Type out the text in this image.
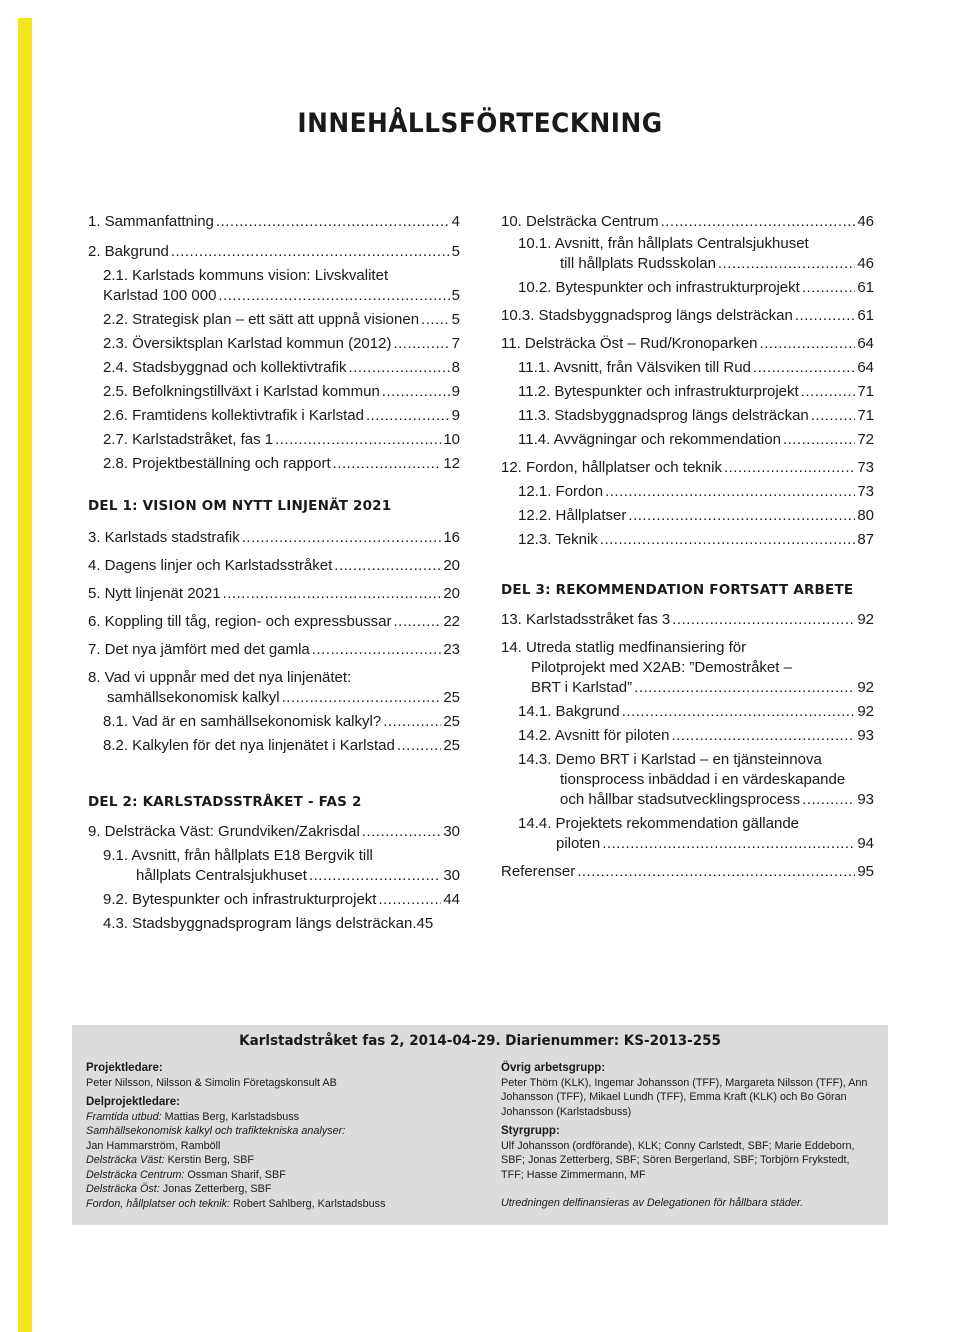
INNEHÅLLSFÖRTECKNING
1. Sammanfattning .....	4
2. Bakgrund .....	5
2.1. Karlstads kommuns vision: Livskvalitet
Karlstad 100 000 .....	5
2.2. Strategisk plan – ett sätt att uppnå visionen ..... 5
2.3. Översiktsplan Karlstad kommun (2012) .....	7
2.4. Stadsbyggnad och kollektivtrafik .....	8
2.5. Befolkningstillväxt i Karlstad kommun .....	9
2.6. Framtidens kollektivtrafik i Karlstad .....	9
2.7. Karlstadstråket, fas 1 .....	10
2.8. Projektbeställning och rapport .....	12
DEL 1: VISION OM NYTT LINJENÄT 2021
3. Karlstads stadstrafik .....	16
4. Dagens linjer och Karlstadsstråket .....	20
5. Nytt linjenät 2021 .....	20
6. Koppling till tåg, region- och expressbussar .....	22
7. Det nya jämfört med det gamla .....	23
8. Vad vi uppnår med det nya linjenätet:
samhällsekonomisk kalkyl .....	25
8.1. Vad är en samhällsekonomisk kalkyl? .....	25
8.2. Kalkylen för det nya linjenätet i Karlstad .....	25
DEL 2: KARLSTADSSTRÅKET - FAS 2
9. Delsträcka Väst: Grundviken/Zakrisdal .....	30
9.1. Avsnitt, från hållplats E18 Bergvik till
hållplats Centralsjukhuset .....	30
9.2. Bytespunkter och infrastrukturprojekt .....	44
4.3. Stadsbyggnadsprogram längs delsträckan. 45
10. Delsträcka Centrum .....	46
10.1. Avsnitt, från hållplats Centralsjukhuset
till hållplats Rudsskolan .....	46
10.2. Bytespunkter och infrastrukturprojekt .....	61
10.3. Stadsbyggnadsprog längs delsträckan .....	61
11. Delsträcka Öst – Rud/Kronoparken .....	64
11.1. Avsnitt, från Välsviken till Rud .....	64
11.2. Bytespunkter och infrastrukturprojekt .....	71
11.3. Stadsbyggnadsprog längs delsträckan .....	71
11.4. Avvägningar och rekommendation .....	72
12. Fordon, hållplatser och teknik .....	73
12.1. Fordon .....	73
12.2. Hållplatser .....	80
12.3. Teknik .....	87
DEL 3: REKOMMENDATION FORTSATT ARBETE
13. Karlstadsstråket fas 3 .....	92
14. Utreda statlig medfinansiering för
Pilotprojekt med X2AB: ”Demostråket –
BRT i Karlstad” .....	92
14.1. Bakgrund .....	92
14.2. Avsnitt för piloten .....	93
14.3. Demo BRT i Karlstad – en tjänsteinnova
tionsprocess inbäddad i en värdeskapande
och hållbar stadsutvecklingsprocess .....	93
14.4. Projektets rekommendation gällande
piloten .....	94
Referenser .....	95
Karlstadstråket fas 2, 2014-04-29. Diarienummer: KS-2013-255
Projektledare:
Peter Nilsson, Nilsson & Simolin Företagskonsult AB
Delprojektledare:
Framtida utbud: Mattias Berg, Karlstadsbuss
Samhällsekonomisk kalkyl och trafiktekniska analyser:
Jan Hammarström, Ramböll
Delsträcka Väst: Kerstin Berg, SBF
Delsträcka Centrum: Ossman Sharif, SBF
Delsträcka Öst: Jonas Zetterberg, SBF
Fordon, hållplatser och teknik: Robert Sahlberg, Karlstadsbuss
Övrig arbetsgrupp:
Peter Thörn (KLK), Ingemar Johansson (TFF), Margareta Nilsson (TFF), Ann Johansson (TFF), Mikael Lundh (TFF), Emma Kraft (KLK) och Bo Göran Johansson (Karlstadsbuss)
Styrgrupp:
Ulf Johansson (ordförande), KLK; Conny Carlstedt, SBF; Marie Eddeborn, SBF; Jonas Zetterberg, SBF; Sören Bergerland, SBF; Torbjörn Frykstedt, TFF; Hasse Zimmermann, MF
Utredningen delfinansieras av Delegationen för hållbara städer.
